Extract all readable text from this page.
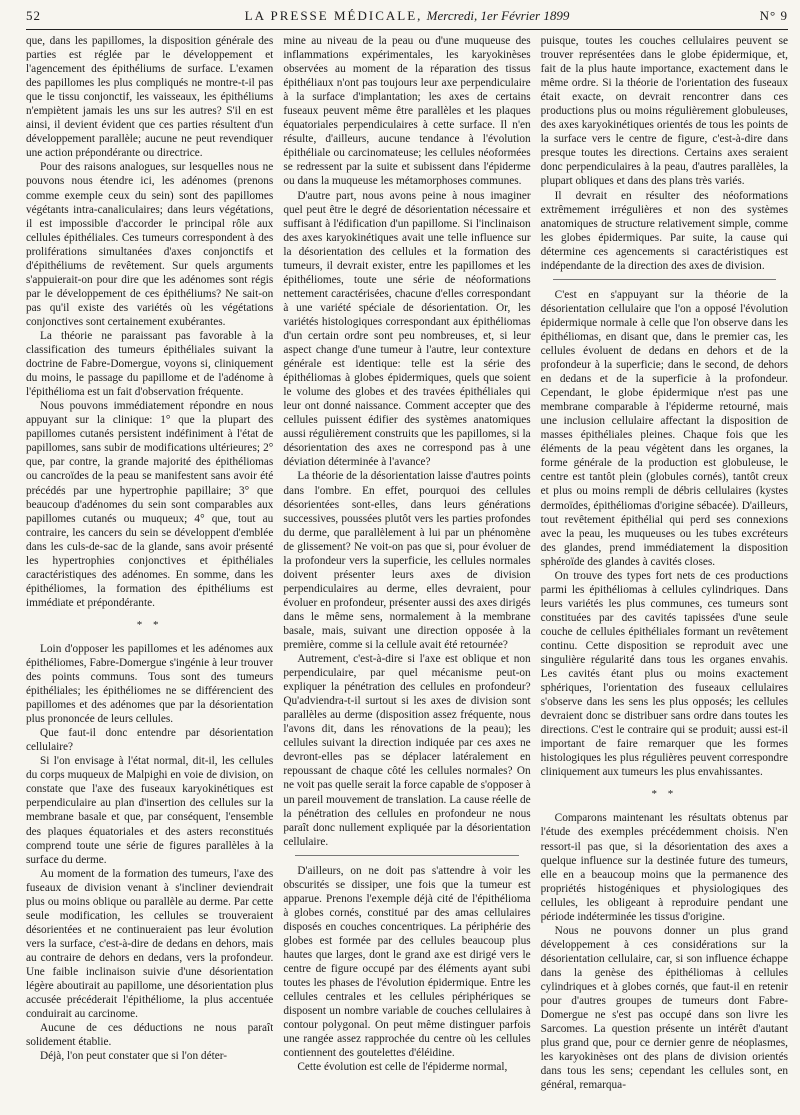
52	LA PRESSE MÉDICALE, Mercredi, 1er Février 1899	N° 9

que, dans les papillomes, la disposition générale des parties est réglée par le développement et l'agencement des épithéliums de surface. L'examen des papillomes les plus compliqués ne montre-t-il pas que le tissu conjonctif, les vaisseaux, les épithéliums n'empiètent jamais les uns sur les autres? S'il en est ainsi, il devient évident que ces parties résultent d'un développement parallèle; aucune ne peut revendiquer une action prépondérante ou directrice.

Pour des raisons analogues, sur lesquelles nous ne pouvons nous étendre ici, les adénomes (prenons comme exemple ceux du sein) sont des papillomes végétants intra-canaliculaires; dans leurs végétations, il est impossible d'accorder le principal rôle aux cellules épithéliales. Ces tumeurs correspondent à des proliférations simultanées d'axes conjonctifs et d'épithéliums de revêtement. Sur quels arguments s'appuierait-on pour dire que les adénomes sont régis par le développement de ces épithéliums? Ne sait-on pas qu'il existe des variétés où les végétations conjonctives sont certainement exubérantes.

La théorie ne paraissant pas favorable à la classification des tumeurs épithéliales suivant la doctrine de Fabre-Domergue, voyons si, cliniquement du moins, le passage du papillome et de l'adénome à l'épithélioma est un fait d'observation fréquente.

Nous pouvons immédiatement répondre en nous appuyant sur la clinique: 1° que la plupart des papillomes cutanés persistent indéfiniment à l'état de papillomes, sans subir de modifications ultérieures; 2° que, par contre, la grande majorité des épithéliomas ou cancroïdes de la peau se manifestent sans avoir été précédés par une hypertrophie papillaire; 3° que beaucoup d'adénomes du sein sont comparables aux papillomes cutanés ou muqueux; 4° que, tout au contraire, les cancers du sein se développent d'emblée dans les culs-de-sac de la glande, sans avoir présenté les hypertrophies conjonctives et épithéliales caractéristiques des adénomes. En somme, dans les épithéliomes, la formation des épithéliums est immédiate et prépondérante.

* *

Loin d'opposer les papillomes et les adénomes aux épithéliomes, Fabre-Domergue s'ingénie à leur trouver des points communs. Tous sont des tumeurs épithéliales; les épithéliomes ne se différencient des papillomes et des adénomes que par la désorientation plus prononcée de leurs cellules.

Que faut-il donc entendre par désorientation cellulaire?

Si l'on envisage à l'état normal, dit-il, les cellules du corps muqueux de Malpighi en voie de division, on constate que l'axe des fuseaux karyokinétiques est perpendiculaire au plan d'insertion des cellules sur la membrane basale et que, par conséquent, l'ensemble des plaques équatoriales et des asters reconstitués comprend toute une série de figures parallèles à la surface du derme.

Au moment de la formation des tumeurs, l'axe des fuseaux de division venant à s'incliner deviendrait plus ou moins oblique ou parallèle au derme. Par cette seule modification, les cellules se trouveraient désorientées et ne continueraient pas leur évolution vers la surface, c'est-à-dire de dedans en dehors, mais au contraire de dehors en dedans, vers la profondeur. Une faible inclinaison suivie d'une désorientation légère aboutirait au papillome, une désorientation plus accusée précéderait l'épithéliome, la plus accentuée conduirait au carcinome.

Aucune de ces déductions ne nous paraît solidement établie.

Déjà, l'on peut constater que si l'on déter-

mine au niveau de la peau ou d'une muqueuse des inflammations expérimentales, les karyokinèses observées au moment de la réparation des tissus épithéliaux n'ont pas toujours leur axe perpendiculaire à la surface d'implantation; les axes de certains fuseaux peuvent même être parallèles et les plaques équatoriales perpendiculaires à cette surface. Il n'en résulte, d'ailleurs, aucune tendance à l'évolution épithéliale ou carcinomateuse; les cellules néoformées se redressent par la suite et subissent dans l'épiderme ou dans la muqueuse les métamorphoses communes.

D'autre part, nous avons peine à nous imaginer quel peut être le degré de désorientation nécessaire et suffisant à l'édification d'un papillome. Si l'inclinaison des axes karyokinétiques avait une telle influence sur la désorientation des cellules et la formation des tumeurs, il devrait exister, entre les papillomes et les épithéliomes, toute une série de néoformations nettement caractérisées, chacune d'elles correspondant à une variété spéciale de désorientation. Or, les variétés histologiques correspondant aux épithéliomas d'un certain ordre sont peu nombreuses, et, si leur aspect change d'une tumeur à l'autre, leur contexture générale est identique: telle est la série des épithéliomas à globes épidermiques, quels que soient le volume des globes et des travées épithéliales qui leur ont donné naissance. Comment accepter que des cellules puissent édifier des systèmes anatomiques aussi régulièrement construits que les papillomes, si la désorientation des axes ne correspond pas à une déviation déterminée à l'avance?

La théorie de la désorientation laisse d'autres points dans l'ombre. En effet, pourquoi des cellules désorientées sont-elles, dans leurs générations successives, poussées plutôt vers les parties profondes du derme, que parallèlement à lui par un phénomène de glissement? Ne voit-on pas que si, pour évoluer de la profondeur vers la superficie, les cellules normales doivent présenter leurs axes de division perpendiculaires au derme, elles devraient, pour évoluer en profondeur, présenter aussi des axes dirigés dans le même sens, normalement à la membrane basale, mais, suivant une direction opposée à la première, comme si la cellule avait été retournée?

Autrement, c'est-à-dire si l'axe est oblique et non perpendiculaire, par quel mécanisme peut-on expliquer la pénétration des cellules en profondeur? Qu'adviendra-t-il surtout si les axes de division sont parallèles au derme (disposition assez fréquente, nous l'avons dit, dans les rénovations de la peau); les cellules suivant la direction indiquée par ces axes ne devront-elles pas se déplacer latéralement en repoussant de chaque côté les cellules normales? On ne voit pas quelle serait la force capable de s'opposer à un pareil mouvement de translation. La cause réelle de la pénétration des cellules en profondeur ne nous paraît donc nullement expliquée par la désorientation cellulaire.

D'ailleurs, on ne doit pas s'attendre à voir les obscurités se dissiper, une fois que la tumeur est apparue. Prenons l'exemple déjà cité de l'épithélioma à globes cornés, constitué par des amas cellulaires disposés en couches concentriques. La périphérie des globes est formée par des cellules beaucoup plus hautes que larges, dont le grand axe est dirigé vers le centre de figure occupé par des éléments ayant subi toutes les phases de l'évolution épidermique. Entre les cellules centrales et les cellules périphériques se disposent un nombre variable de couches cellulaires à contour polygonal. On peut même distinguer parfois une rangée assez rapprochée du centre où les cellules contiennent des goutelettes d'éléidine.

Cette évolution est celle de l'épiderme normal,

puisque, toutes les couches cellulaires peuvent se trouver représentées dans le globe épidermique, et, fait de la plus haute importance, exactement dans le même ordre. Si la théorie de l'orientation des fuseaux était exacte, on devrait rencontrer dans ces productions plus ou moins régulièrement globuleuses, des axes karyokinétiques orientés de tous les points de la surface vers le centre de figure, c'est-à-dire dans presque toutes les directions. Certains axes seraient donc perpendiculaires à la peau, d'autres parallèles, la plupart obliques et dans des plans très variés.

Il devrait en résulter des néoformations extrêmement irrégulières et non des systèmes anatomiques de structure relativement simple, comme les globes épidermiques. Par suite, la cause qui détermine ces agencements si caractéristiques est indépendante de la direction des axes de division.

C'est en s'appuyant sur la théorie de la désorientation cellulaire que l'on a opposé l'évolution épidermique normale à celle que l'on observe dans les épithéliomas, en disant que, dans le premier cas, les cellules évoluent de dedans en dehors et de la profondeur à la superficie; dans le second, de dehors en dedans et de la superficie à la profondeur. Cependant, le globe épidermique n'est pas une membrane comparable à l'épiderme retourné, mais une inclusion cellulaire affectant la disposition de masses épithéliales pleines. Chaque fois que les éléments de la peau végètent dans les organes, la forme générale de la production est globuleuse, le centre est tantôt plein (globules cornés), tantôt creux et plus ou moins rempli de débris cellulaires (kystes dermoïdes, épithéliomas d'origine sébacée). D'ailleurs, tout revêtement épithélial qui perd ses connexions avec la peau, les muqueuses ou les tubes excréteurs des glandes, prend immédiatement la disposition sphéroïde des glandes à cavités closes.

On trouve des types fort nets de ces productions parmi les épithéliomas à cellules cylindriques. Dans leurs variétés les plus communes, ces tumeurs sont constituées par des cavités tapissées d'une seule couche de cellules épithéliales formant un revêtement continu. Cette disposition se reproduit avec une singulière régularité dans tous les organes envahis. Les cavités étant plus ou moins exactement sphériques, l'orientation des fuseaux cellulaires s'observe dans les sens les plus opposés; les cellules devraient donc se distribuer sans ordre dans toutes les directions. C'est le contraire qui se produit; aussi est-il important de faire remarquer que les formes histologiques les plus régulières peuvent correspondre cliniquement aux tumeurs les plus envahissantes.

* *

Comparons maintenant les résultats obtenus par l'étude des exemples précédemment choisis. N'en ressort-il pas que, si la désorientation des axes a quelque influence sur la destinée future des tumeurs, elle en a beaucoup moins que la permanence des propriétés histogéniques et physiologiques des cellules, les obligeant à reproduire pendant une période indéterminée les tissus d'origine.

Nous ne pouvons donner un plus grand développement à ces considérations sur la désorientation cellulaire, car, si son influence échappe dans la genèse des épithéliomas à cellules cylindriques et à globes cornés, que faut-il en retenir pour d'autres groupes de tumeurs dont Fabre-Domergue ne s'est pas occupé dans son livre les Sarcomes. La question présente un intérêt d'autant plus grand que, pour ce dernier genre de néoplasmes, les karyokinèses ont des plans de division orientés dans tous les sens; cependant les cellules sont, en général, remarqua-
